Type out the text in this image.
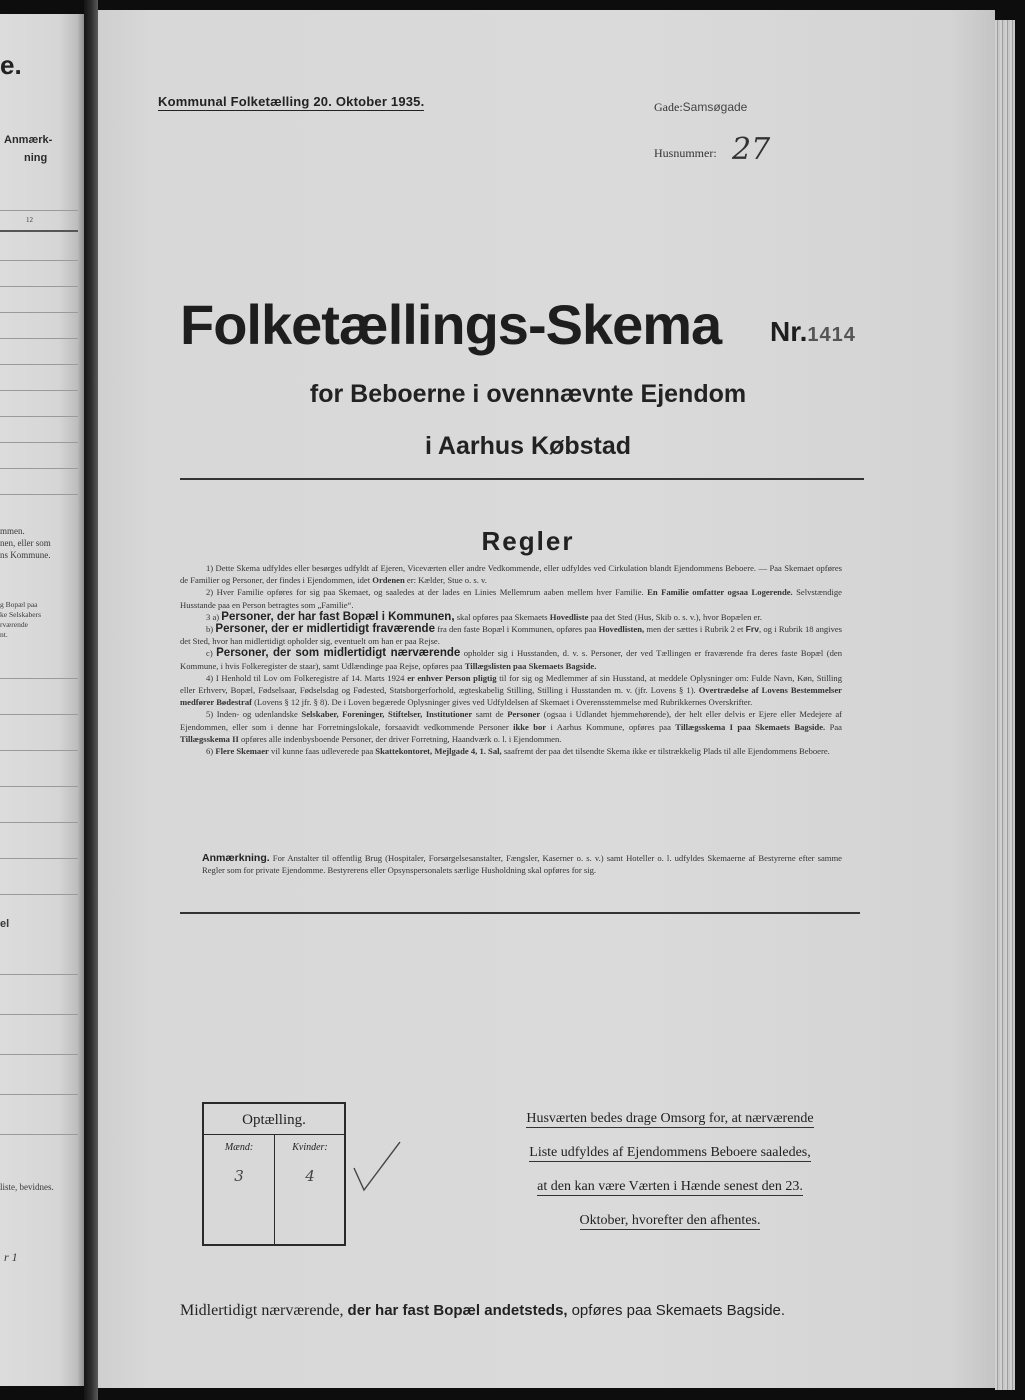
e.
Anmærk-
ning
12
mmen.
nen, eller som
ns Kommune.
g Bopæl paa
ke Selskabers
rværende
nt.
el
liste, bevidnes.
r 1
Kommunal Folketælling 20. Oktober 1935.	Gade:Samsøgade
Husnummer: 27
Folketællings-Skema Nr.1414
for Beboerne i ovennævnte Ejendom
i Aarhus Købstad
Regler

1) Dette Skema udfyldes eller besørges udfyldt af Ejeren, Viceværten eller andre Vedkommende, eller udfyldes ved Cirkulation blandt Ejendommens Beboere. — Paa Skemaet opføres de Familier og Personer, der findes i Ejendommen, idet Ordenen er: Kælder, Stue o. s. v.

2) Hver Familie opføres for sig paa Skemaet, og saaledes at der lades en Linies Mellemrum aaben mellem hver Familie. En Familie omfatter ogsaa Logerende. Selvstændige Husstande paa en Person betragtes som „Familie“.

3 a) Personer, der har fast Bopæl i Kommunen, skal opføres paa Skemaets Hovedliste paa det Sted (Hus, Skib o. s. v.), hvor Bopælen er.

b) Personer, der er midlertidigt fraværende fra den faste Bopæl i Kommunen, opføres paa Hovedlisten, men der sættes i Rubrik 2 et Frv, og i Rubrik 18 angives det Sted, hvor han midlertidigt opholder sig, eventuelt om han er paa Rejse.

c) Personer, der som midlertidigt nærværende opholder sig i Husstanden, d. v. s. Personer, der ved Tællingen er fraværende fra deres faste Bopæl (den Kommune, i hvis Folkeregister de staar), samt Udlændinge paa Rejse, opføres paa Tillægslisten paa Skemaets Bagside.

4) I Henhold til Lov om Folkeregistre af 14. Marts 1924 er enhver Person pligtig til for sig og Medlemmer af sin Husstand, at meddele Oplysninger om: Fulde Navn, Køn, Stilling eller Erhverv, Bopæl, Fødselsaar, Fødselsdag og Fødested, Statsborgerforhold, ægteskabelig Stilling, Stilling i Husstanden m. v. (jfr. Lovens § 1). Overtrædelse af Lovens Bestemmelser medfører Bødestraf (Lovens § 12 jfr. § 8). De i Loven begærede Oplysninger gives ved Udfyldelsen af Skemaet i Overensstemmelse med Rubrikkernes Overskrifter.

5) Inden- og udenlandske Selskaber, Foreninger, Stiftelser, Institutioner samt de Personer (ogsaa i Udlandet hjemmehørende), der helt eller delvis er Ejere eller Medejere af Ejendommen, eller som i denne har Forretningslokale, forsaavidt vedkommende Personer ikke bor i Aarhus Kommune, opføres paa Tillægsskema I paa Skemaets Bagside. Paa Tillægsskema II opføres alle indenbysboende Personer, der driver Forretning, Haandværk o. l. i Ejendommen.

6) Flere Skemaer vil kunne faas udleverede paa Skattekontoret, Mejlgade 4, 1. Sal, saafremt der paa det tilsendte Skema ikke er tilstrækkelig Plads til alle Ejendommens Beboere.

Anmærkning. For Anstalter til offentlig Brug (Hospitaler, Forsørgelsesanstalter, Fængsler, Kaserner o. s. v.) samt Hoteller o. l. udfyldes Skemaerne af Bestyrerne efter samme Regler som for private Ejendomme. Bestyrerens eller Opsynspersonalets særlige Husholdning skal opføres for sig.
Optælling.
Mænd:
3
Kvinder:
4
Husværten bedes drage Omsorg for, at nærværende
Liste udfyldes af Ejendommens Beboere saaledes,
at den kan være Værten i Hænde senest den 23.
Oktober, hvorefter den afhentes.
Midlertidigt nærværende, der har fast Bopæl andetsteds, opføres paa Skemaets Bagside.
